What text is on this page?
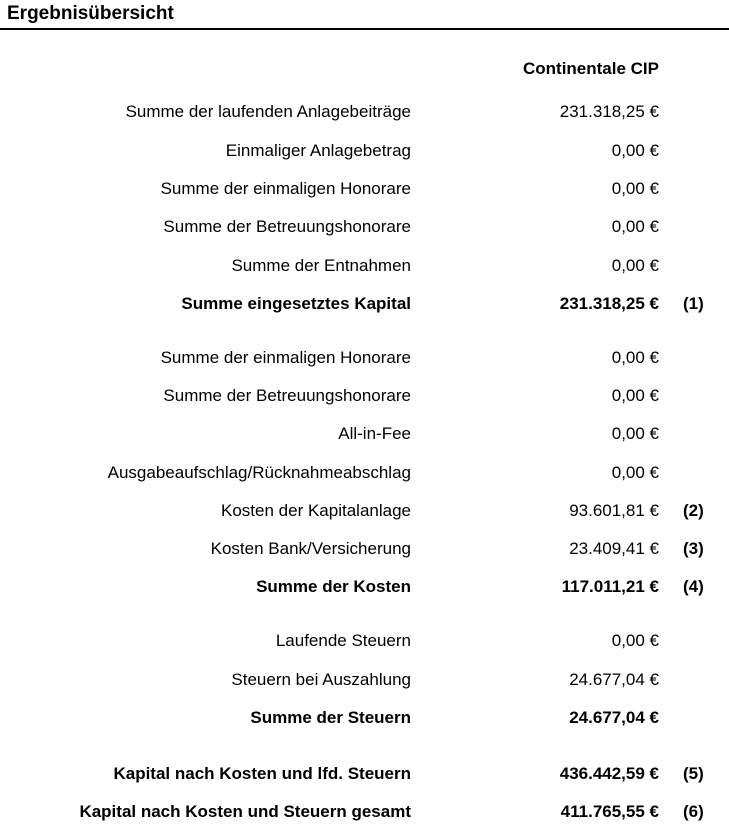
Ergebnisübersicht
Continentale CIP
Summe der laufenden Anlagebeiträge	231.318,25 €
Einmaliger Anlagebetrag	0,00 €
Summe der einmaligen Honorare	0,00 €
Summe der Betreuungshonorare	0,00 €
Summe der Entnahmen	0,00 €
Summe eingesetztes Kapital	231.318,25 € (1)
Summe der einmaligen Honorare	0,00 €
Summe der Betreuungshonorare	0,00 €
All-in-Fee	0,00 €
Ausgabeaufschlag/Rücknahmeabschlag	0,00 €
Kosten der Kapitalanlage	93.601,81 € (2)
Kosten Bank/Versicherung	23.409,41 € (3)
Summe der Kosten	117.011,21 € (4)
Laufende Steuern	0,00 €
Steuern bei Auszahlung	24.677,04 €
Summe der Steuern	24.677,04 €
Kapital nach Kosten und lfd. Steuern	436.442,59 € (5)
Kapital nach Kosten und Steuern gesamt	411.765,55 € (6)
